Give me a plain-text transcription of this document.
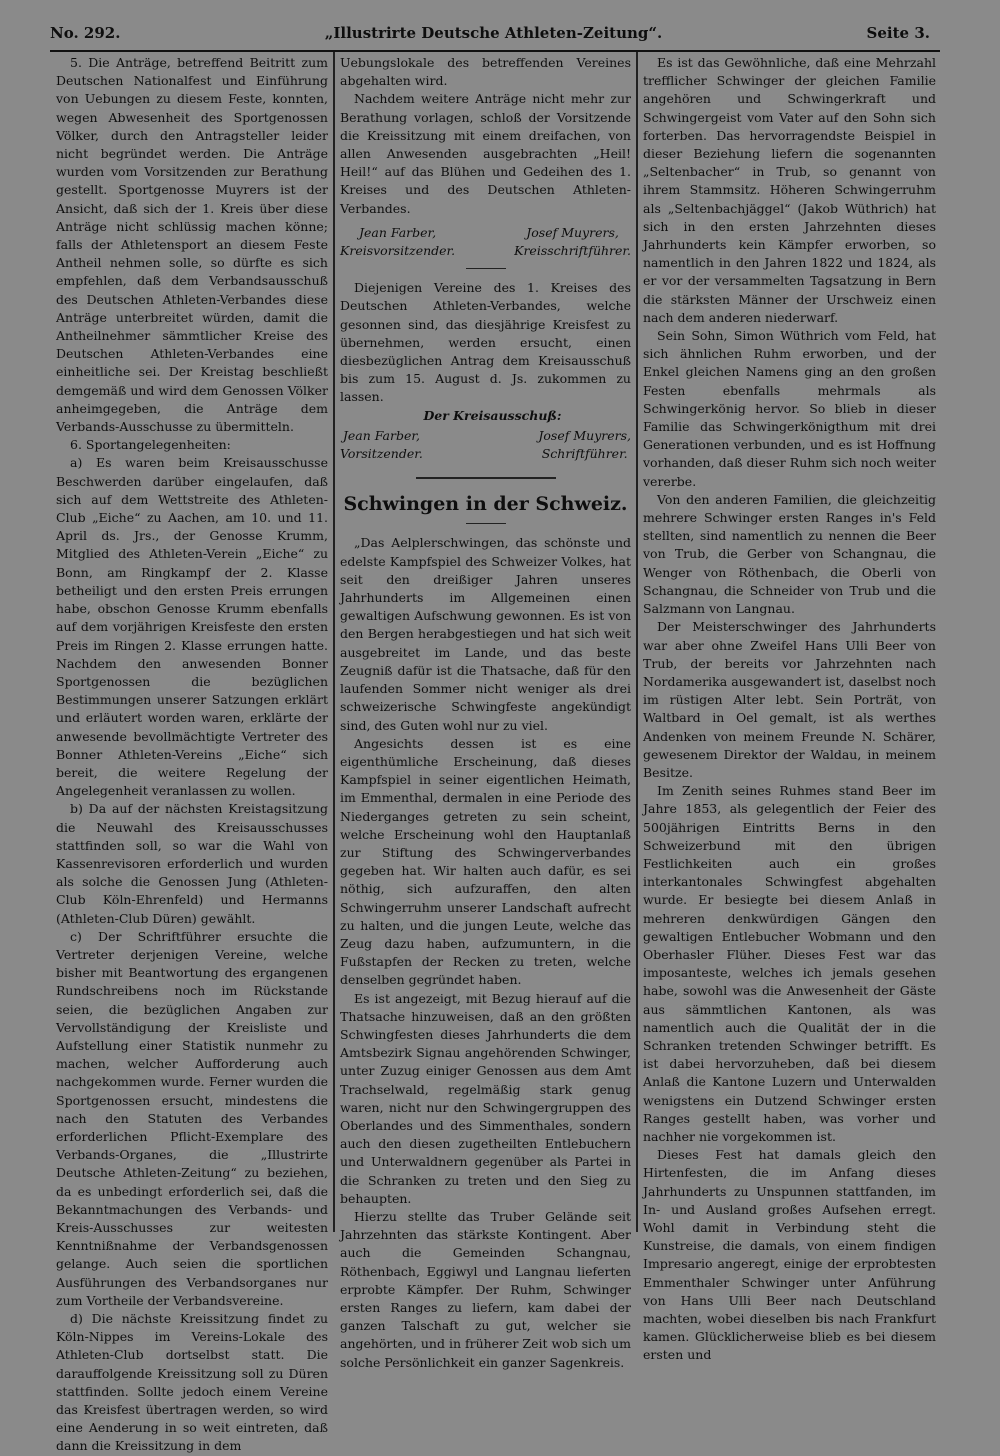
No. 292.	„Illustrirte Deutsche Athleten-Zeitung“.	Seite 3.

5. Die Anträge, betreffend Beitritt zum Deutschen Nationalfest und Einführung von Uebungen zu diesem Feste, konnten, wegen Abwesenheit des Sportgenossen Völker, durch den Antragsteller leider nicht begründet werden. Die Anträge wurden vom Vorsitzenden zur Berathung gestellt. Sportgenosse Muyrers ist der Ansicht, daß sich der 1. Kreis über diese Anträge nicht schlüssig machen könne; falls der Athletensport an diesem Feste Antheil nehmen solle, so dürfte es sich empfehlen, daß dem Verbandsausschuß des Deutschen Athleten-Verbandes diese Anträge unterbreitet würden, damit die Antheilnehmer sämmtlicher Kreise des Deutschen Athleten-Verbandes eine einheitliche sei. Der Kreistag beschließt demgemäß und wird dem Genossen Völker anheimgegeben, die Anträge dem Verbands-Ausschusse zu übermitteln.

6. Sportangelegenheiten:

a) Es waren beim Kreisausschusse Beschwerden darüber eingelaufen, daß sich auf dem Wettstreite des Athleten-Club „Eiche“ zu Aachen, am 10. und 11. April ds. Jrs., der Genosse Krumm, Mitglied des Athleten-Verein „Eiche“ zu Bonn, am Ringkampf der 2. Klasse betheiligt und den ersten Preis errungen habe, obschon Genosse Krumm ebenfalls auf dem vorjährigen Kreisfeste den ersten Preis im Ringen 2. Klasse errungen hatte. Nachdem den anwesenden Bonner Sportgenossen die bezüglichen Bestimmungen unserer Satzungen erklärt und erläutert worden waren, erklärte der anwesende bevollmächtigte Vertreter des Bonner Athleten-Vereins „Eiche“ sich bereit, die weitere Regelung der Angelegenheit veranlassen zu wollen.

b) Da auf der nächsten Kreistagsitzung die Neuwahl des Kreisausschusses stattfinden soll, so war die Wahl von Kassenrevisoren erforderlich und wurden als solche die Genossen Jung (Athleten-Club Köln-Ehrenfeld) und Hermanns (Athleten-Club Düren) gewählt.

c) Der Schriftführer ersuchte die Vertreter derjenigen Vereine, welche bisher mit Beantwortung des ergangenen Rundschreibens noch im Rückstande seien, die bezüglichen Angaben zur Vervollständigung der Kreisliste und Aufstellung einer Statistik nunmehr zu machen, welcher Aufforderung auch nachgekommen wurde. Ferner wurden die Sportgenossen ersucht, mindestens die nach den Statuten des Verbandes erforderlichen Pflicht-Exemplare des Verbands-Organes, die „Illustrirte Deutsche Athleten-Zeitung“ zu beziehen, da es unbedingt erforderlich sei, daß die Bekanntmachungen des Verbands- und Kreis-Ausschusses zur weitesten Kenntnißnahme der Verbandsgenossen gelange. Auch seien die sportlichen Ausführungen des Verbandsorganes nur zum Vortheile der Verbandsvereine.

d) Die nächste Kreissitzung findet zu Köln-Nippes im Vereins-Lokale des Athleten-Club dortselbst statt. Die darauffolgende Kreissitzung soll zu Düren stattfinden. Sollte jedoch einem Vereine das Kreisfest übertragen werden, so wird eine Aenderung in so weit eintreten, daß dann die Kreissitzung in dem

Uebungslokale des betreffenden Vereines abgehalten wird.

Nachdem weitere Anträge nicht mehr zur Berathung vorlagen, schloß der Vorsitzende die Kreissitzung mit einem dreifachen, von allen Anwesenden ausgebrachten „Heil! Heil!“ auf das Blühen und Gedeihen des 1. Kreises und des Deutschen Athleten-Verbandes.

Jean Farber,
Kreisvorsitzender.
Josef Muyrers,
Kreisschriftführer.

Diejenigen Vereine des 1. Kreises des Deutschen Athleten-Verbandes, welche gesonnen sind, das diesjährige Kreisfest zu übernehmen, werden ersucht, einen diesbezüglichen Antrag dem Kreisausschuß bis zum 15. August d. Js. zukommen zu lassen.

Der Kreisausschuß:

Jean Farber,
Vorsitzender.
Josef Muyrers,
Schriftführer.
Schwingen in der Schweiz.

„Das Aelplerschwingen, das schönste und edelste Kampfspiel des Schweizer Volkes, hat seit den dreißiger Jahren unseres Jahrhunderts im Allgemeinen einen gewaltigen Aufschwung gewonnen. Es ist von den Bergen herabgestiegen und hat sich weit ausgebreitet im Lande, und das beste Zeugniß dafür ist die Thatsache, daß für den laufenden Sommer nicht weniger als drei schweizerische Schwingfeste angekündigt sind, des Guten wohl nur zu viel.

Angesichts dessen ist es eine eigenthümliche Erscheinung, daß dieses Kampfspiel in seiner eigentlichen Heimath, im Emmenthal, dermalen in eine Periode des Niederganges getreten zu sein scheint, welche Erscheinung wohl den Hauptanlaß zur Stiftung des Schwingerverbandes gegeben hat. Wir halten auch dafür, es sei nöthig, sich aufzuraffen, den alten Schwingerruhm unserer Landschaft aufrecht zu halten, und die jungen Leute, welche das Zeug dazu haben, aufzumuntern, in die Fußstapfen der Recken zu treten, welche denselben gegründet haben.

Es ist angezeigt, mit Bezug hierauf auf die Thatsache hinzuweisen, daß an den größten Schwingfesten dieses Jahrhunderts die dem Amtsbezirk Signau angehörenden Schwinger, unter Zuzug einiger Genossen aus dem Amt Trachselwald, regelmäßig stark genug waren, nicht nur den Schwingergruppen des Oberlandes und des Simmenthales, sondern auch den diesen zugetheilten Entlebuchern und Unterwaldnern gegenüber als Partei in die Schranken zu treten und den Sieg zu behaupten.

Hierzu stellte das Truber Gelände seit Jahrzehnten das stärkste Kontingent. Aber auch die Gemeinden Schangnau, Röthenbach, Eggiwyl und Langnau lieferten erprobte Kämpfer. Der Ruhm, Schwinger ersten Ranges zu liefern, kam dabei der ganzen Talschaft zu gut, welcher sie angehörten, und in früherer Zeit wob sich um solche Persönlichkeit ein ganzer Sagenkreis.

Es ist das Gewöhnliche, daß eine Mehrzahl trefflicher Schwinger der gleichen Familie angehören und Schwingerkraft und Schwingergeist vom Vater auf den Sohn sich forterben. Das hervorragendste Beispiel in dieser Beziehung liefern die sogenannten „Seltenbacher“ in Trub, so genannt von ihrem Stammsitz. Höheren Schwingerruhm als „Seltenbachjäggel“ (Jakob Wüthrich) hat sich in den ersten Jahrzehnten dieses Jahrhunderts kein Kämpfer erworben, so namentlich in den Jahren 1822 und 1824, als er vor der versammelten Tagsatzung in Bern die stärksten Männer der Urschweiz einen nach dem anderen niederwarf.

Sein Sohn, Simon Wüthrich vom Feld, hat sich ähnlichen Ruhm erworben, und der Enkel gleichen Namens ging an den großen Festen ebenfalls mehrmals als Schwingerkönig hervor. So blieb in dieser Familie das Schwingerkönigthum mit drei Generationen verbunden, und es ist Hoffnung vorhanden, daß dieser Ruhm sich noch weiter vererbe.

Von den anderen Familien, die gleichzeitig mehrere Schwinger ersten Ranges in's Feld stellten, sind namentlich zu nennen die Beer von Trub, die Gerber von Schangnau, die Wenger von Röthenbach, die Oberli von Schangnau, die Schneider von Trub und die Salzmann von Langnau.

Der Meisterschwinger des Jahrhunderts war aber ohne Zweifel Hans Ulli Beer von Trub, der bereits vor Jahrzehnten nach Nordamerika ausgewandert ist, daselbst noch im rüstigen Alter lebt. Sein Porträt, von Waltbard in Oel gemalt, ist als werthes Andenken von meinem Freunde N. Schärer, gewesenem Direktor der Waldau, in meinem Besitze.

Im Zenith seines Ruhmes stand Beer im Jahre 1853, als gelegentlich der Feier des 500jährigen Eintritts Berns in den Schweizerbund mit den übrigen Festlichkeiten auch ein großes interkantonales Schwingfest abgehalten wurde. Er besiegte bei diesem Anlaß in mehreren denkwürdigen Gängen den gewaltigen Entlebucher Wobmann und den Oberhasler Flüher. Dieses Fest war das imposanteste, welches ich jemals gesehen habe, sowohl was die Anwesenheit der Gäste aus sämmtlichen Kantonen, als was namentlich auch die Qualität der in die Schranken tretenden Schwinger betrifft. Es ist dabei hervorzuheben, daß bei diesem Anlaß die Kantone Luzern und Unterwalden wenigstens ein Dutzend Schwinger ersten Ranges gestellt haben, was vorher und nachher nie vorgekommen ist.

Dieses Fest hat damals gleich den Hirtenfesten, die im Anfang dieses Jahrhunderts zu Unspunnen stattfanden, im In- und Ausland großes Aufsehen erregt. Wohl damit in Verbindung steht die Kunstreise, die damals, von einem findigen Impresario angeregt, einige der erprobtesten Emmenthaler Schwinger unter Anführung von Hans Ulli Beer nach Deutschland machten, wobei dieselben bis nach Frankfurt kamen. Glücklicherweise blieb es bei diesem ersten und
